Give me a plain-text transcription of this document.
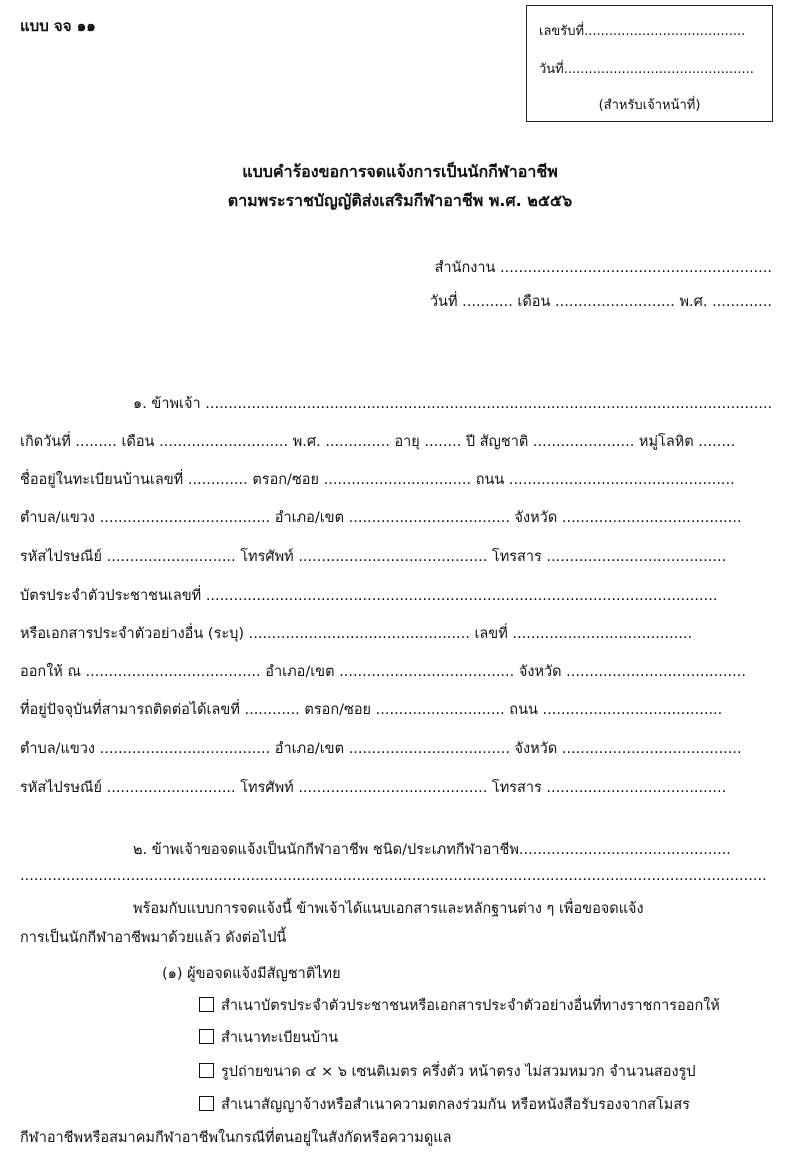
แบบ จจ ๑๑	เลขรับที่.......................................
วันที่..............................................
(สำหรับเจ้าหน้าที่)
แบบคำร้องขอการจดแจ้งการเป็นนักกีฬาอาชีพ
ตามพระราชบัญญัติส่งเสริมกีฬาอาชีพ พ.ศ. ๒๕๕๖
สำนักงาน ...........................................................
วันที่ ........... เดือน .......................... พ.ศ. .............
๑. ข้าพเจ้า ...........................................................................................................................
เกิดวันที่ ......... เดือน ............................ พ.ศ. .............. อายุ ........ ปี สัญชาติ ...................... หมู่โลหิต ........
ชื่ออยู่ในทะเบียนบ้านเลขที่ ............. ตรอก/ซอย ................................ ถนน .................................................
ตำบล/แขวง ..................................... อำเภอ/เขต ................................... จังหวัด .......................................
รหัสไปรษณีย์ ............................ โทรศัพท์ ......................................... โทรสาร .......................................
บัตรประจำตัวประชาชนเลขที่ ...............................................................................................................
หรือเอกสารประจำตัวอย่างอื่น (ระบุ) ................................................ เลขที่ .......................................
ออกให้ ณ ...................................... อำเภอ/เขต ...................................... จังหวัด .......................................
ที่อยู่ปัจจุบันที่สามารถติดต่อได้เลขที่ ............ ตรอก/ซอย ............................ ถนน .......................................
ตำบล/แขวง ..................................... อำเภอ/เขต ................................... จังหวัด .......................................
รหัสไปรษณีย์ ............................ โทรศัพท์ ......................................... โทรสาร .......................................
๒. ข้าพเจ้าขอจดแจ้งเป็นนักกีฬาอาชีพ ชนิด/ประเภทกีฬาอาชีพ..............................................
..................................................................................................................................................................
พร้อมกับแบบการจดแจ้งนี้ ข้าพเจ้าได้แนบเอกสารและหลักฐานต่าง ๆ เพื่อขอจดแจ้ง
การเป็นนักกีฬาอาชีพมาด้วยแล้ว ดังต่อไปนี้
(๑) ผู้ขอจดแจ้งมีสัญชาติไทย
สำเนาบัตรประจำตัวประชาชนหรือเอกสารประจำตัวอย่างอื่นที่ทางราชการออกให้
สำเนาทะเบียนบ้าน
รูปถ่ายขนาด ๔ × ๖ เซนติเมตร ครึ่งตัว หน้าตรง ไม่สวมหมวก จำนวนสองรูป
สำเนาสัญญาจ้างหรือสำเนาความตกลงร่วมกัน หรือหนังสือรับรองจากสโมสร
กีฬาอาชีพหรือสมาคมกีฬาอาชีพในกรณีที่ตนอยู่ในสังกัดหรือความดูแล
